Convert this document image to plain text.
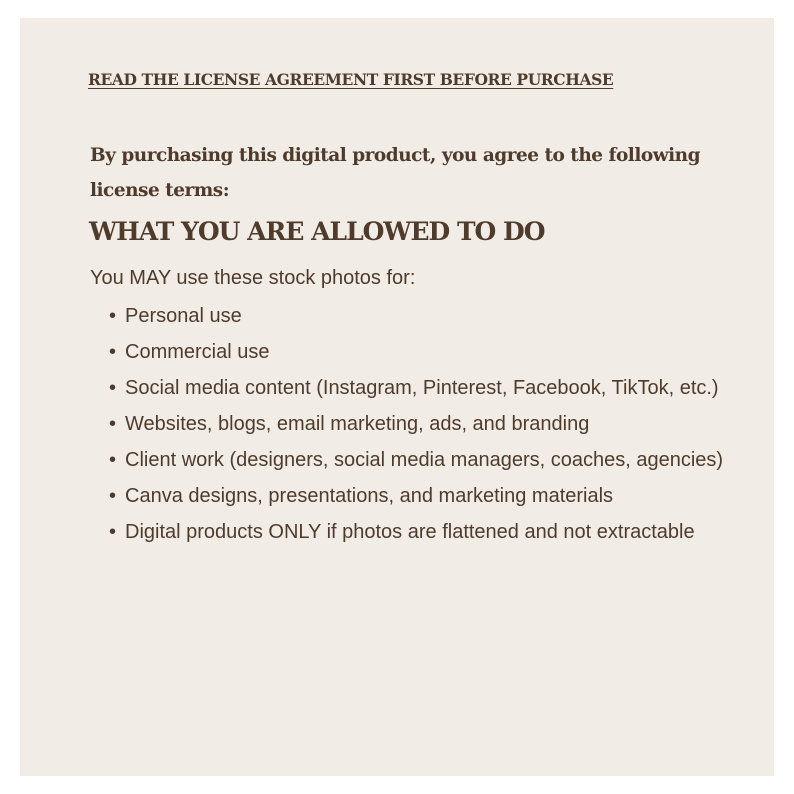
READ THE LICENSE AGREEMENT FIRST BEFORE PURCHASE

By purchasing this digital product, you agree to the following license terms:

WHAT YOU ARE ALLOWED TO DO

You MAY use these stock photos for:

• Personal use
• Commercial use
• Social media content (Instagram, Pinterest, Facebook, TikTok, etc.)
• Websites, blogs, email marketing, ads, and branding
• Client work (designers, social media managers, coaches, agencies)
• Canva designs, presentations, and marketing materials
• Digital products ONLY if photos are flattened and not extractable
